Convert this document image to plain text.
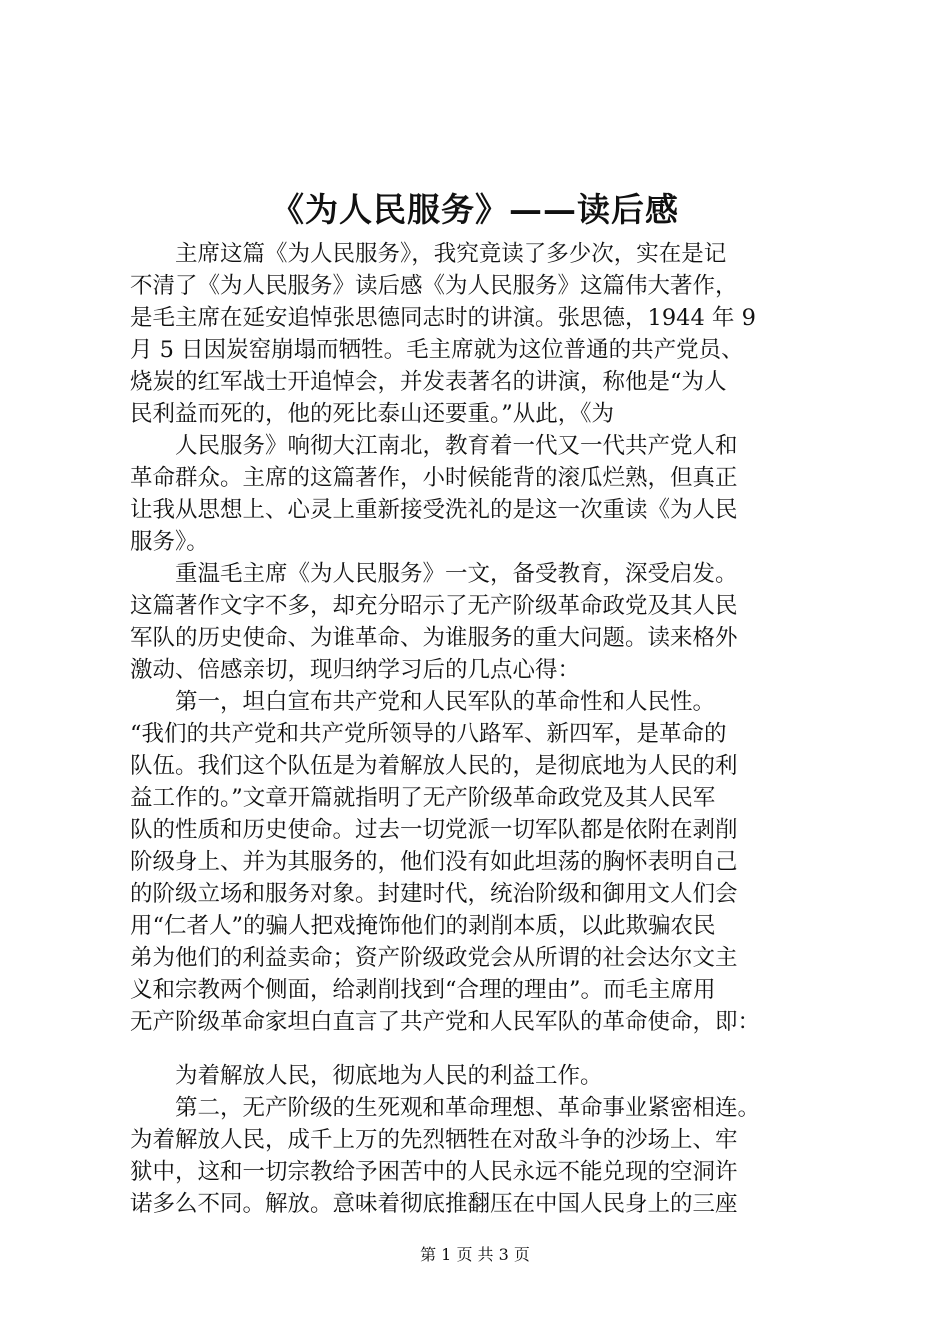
《为人民服务》——读后感
　　主席这篇《为人民服务》，我究竟读了多少次，实在是记
不清了《为人民服务》读后感《为人民服务》这篇伟大著作，
是毛主席在延安追悼张思德同志时的讲演。张思德，1944 年 9
月 5 日因炭窑崩塌而牺牲。毛主席就为这位普通的共产党员、
烧炭的红军战士开追悼会，并发表著名的讲演，称他是“为人
民利益而死的，他的死比泰山还要重。”从此，《为
　　人民服务》响彻大江南北，教育着一代又一代共产党人和
革命群众。主席的这篇著作，小时候能背的滚瓜烂熟，但真正
让我从思想上、心灵上重新接受洗礼的是这一次重读《为人民
服务》。
　　重温毛主席《为人民服务》一文，备受教育，深受启发。
这篇著作文字不多，却充分昭示了无产阶级革命政党及其人民
军队的历史使命、为谁革命、为谁服务的重大问题。读来格外
激动、倍感亲切，现归纳学习后的几点心得：
　　第一，坦白宣布共产党和人民军队的革命性和人民性。
“我们的共产党和共产党所领导的八路军、新四军，是革命的
队伍。我们这个队伍是为着解放人民的，是彻底地为人民的利
益工作的。”文章开篇就指明了无产阶级革命政党及其人民军
队的性质和历史使命。过去一切党派一切军队都是依附在剥削
阶级身上、并为其服务的，他们没有如此坦荡的胸怀表明自己
的阶级立场和服务对象。封建时代，统治阶级和御用文人们会
用“仁者人”的骗人把戏掩饰他们的剥削本质，以此欺骗农民
弟为他们的利益卖命；资产阶级政党会从所谓的社会达尔文主
义和宗教两个侧面，给剥削找到“合理的理由”。而毛主席用
无产阶级革命家坦白直言了共产党和人民军队的革命使命，即：
　　为着解放人民，彻底地为人民的利益工作。
　　第二，无产阶级的生死观和革命理想、革命事业紧密相连。
为着解放人民，成千上万的先烈牺牲在对敌斗争的沙场上、牢
狱中，这和一切宗教给予困苦中的人民永远不能兑现的空洞许
诺多么不同。解放。意味着彻底推翻压在中国人民身上的三座
第 1 页 共 3 页
